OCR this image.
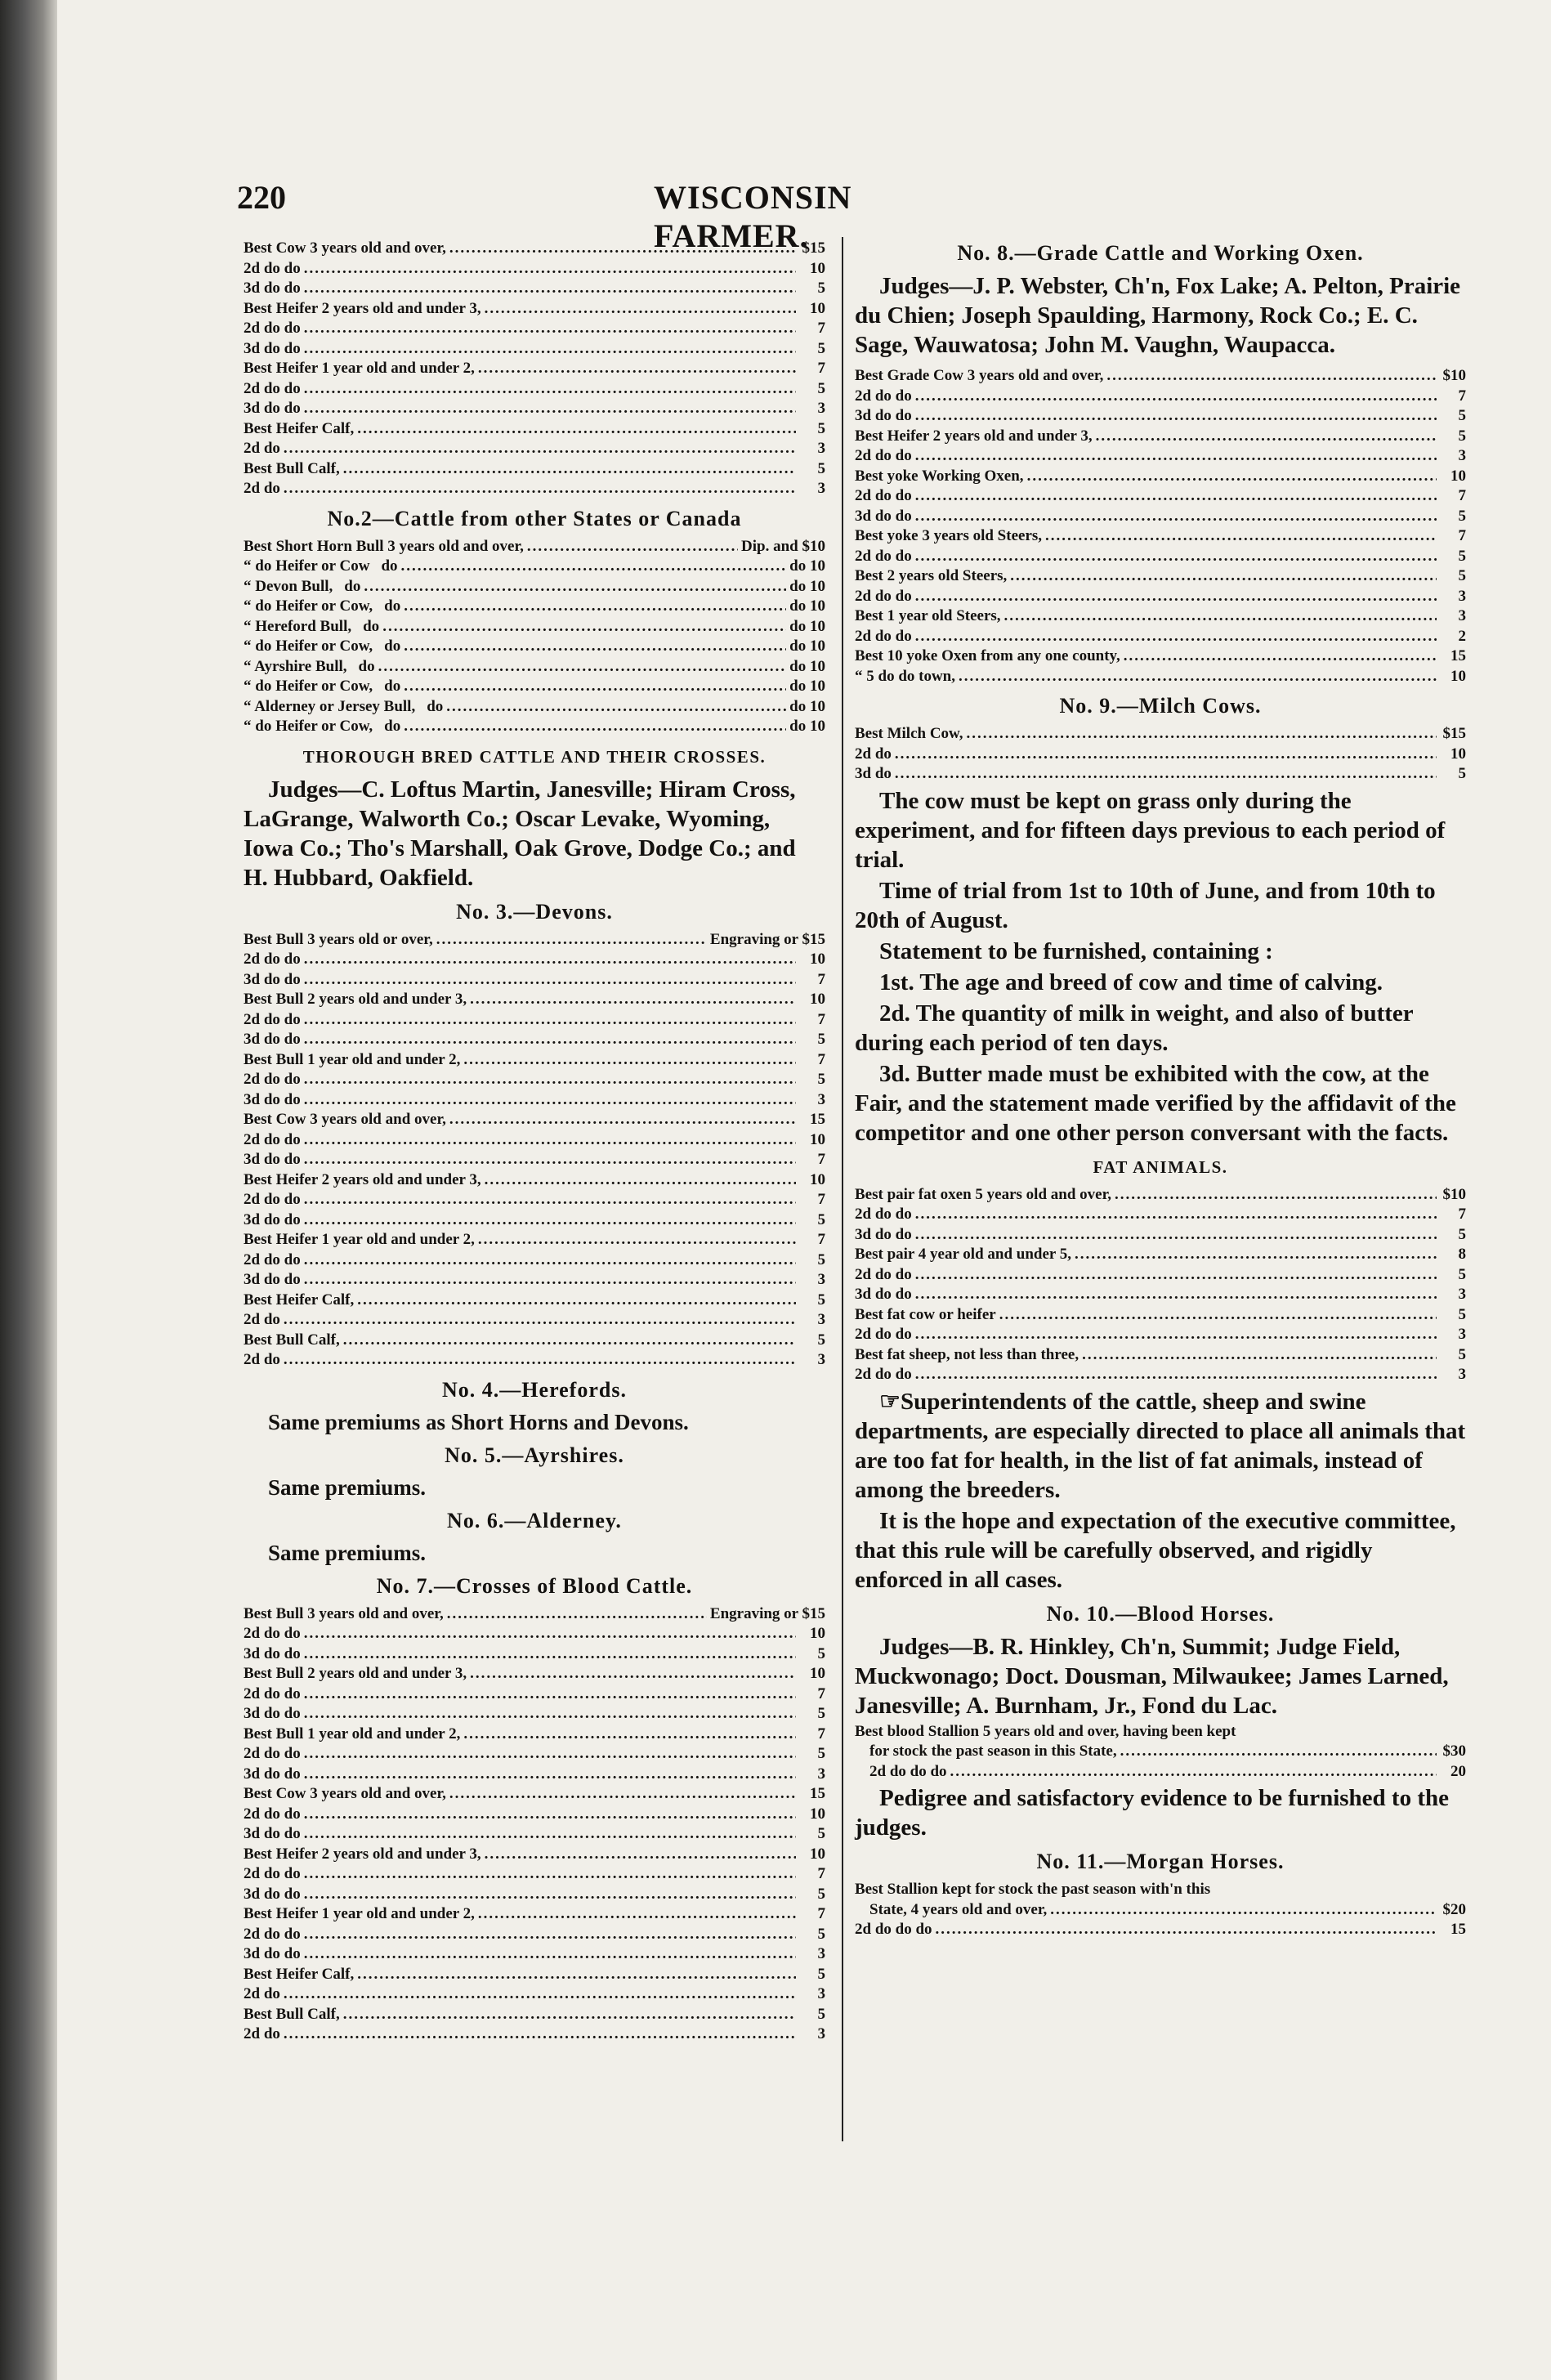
220	WISCONSIN FARMER.
Best Cow 3 years old and over, .....	$15
2d do do .....	10
3d do do .....	5
Best Heifer 2 years old and under 3, .....	10
2d do do .....	7
3d do do .....	5
Best Heifer 1 year old and under 2, .....	7
2d do do .....	5
3d do do .....	3
Best Heifer Calf, .....	5
2d do .....	3
Best Bull Calf, .....	5
2d do .....	3
No.2—Cattle from other States or Canada
Best Short Horn Bull 3 years old and over, .....	Dip. and $10
“ do Heifer or Cow do .....	do 10
“ Devon Bull, do .....	do 10
“ do Heifer or Cow, do .....	do 10
“ Hereford Bull, do .....	do 10
“ do Heifer or Cow, do .....	do 10
“ Ayrshire Bull, do .....	do 10
“ do Heifer or Cow, do .....	do 10
“ Alderney or Jersey Bull, do .....	do 10
“ do Heifer or Cow, do .....	do 10
THOROUGH BRED CATTLE AND THEIR CROSSES.
Judges—C. Loftus Martin, Janesville; Hiram Cross, LaGrange, Walworth Co.; Oscar Levake, Wyoming, Iowa Co.; Tho's Marshall, Oak Grove, Dodge Co.; and H. Hubbard, Oakfield.
No. 3.—Devons.
Best Bull 3 years old or over, .....	Engraving or $15
2d do do .....	10
3d do do .....	7
Best Bull 2 years old and under 3, .....	10
2d do do .....	7
3d do do .....	5
Best Bull 1 year old and under 2, .....	7
2d do do .....	5
3d do do .....	3
Best Cow 3 years old and over, .....	15
2d do do .....	10
3d do do .....	7
Best Heifer 2 years old and under 3, .....	10
2d do do .....	7
3d do do .....	5
Best Heifer 1 year old and under 2, .....	7
2d do do .....	5
3d do do .....	3
Best Heifer Calf, .....	5
2d do .....	3
Best Bull Calf, .....	5
2d do .....	3
No. 4.—Herefords.
Same premiums as Short Horns and Devons.
No. 5.—Ayrshires.
Same premiums.
No. 6.—Alderney.
Same premiums.
No. 7.—Crosses of Blood Cattle.
Best Bull 3 years old and over, .....	Engraving or $15
2d do do .....	10
3d do do .....	5
Best Bull 2 years old and under 3, .....	10
2d do do .....	7
3d do do .....	5
Best Bull 1 year old and under 2, .....	7
2d do do .....	5
3d do do .....	3
Best Cow 3 years old and over, .....	15
2d do do .....	10
3d do do .....	5
Best Heifer 2 years old and under 3, .....	10
2d do do .....	7
3d do do .....	5
Best Heifer 1 year old and under 2, .....	7
2d do do .....	5
3d do do .....	3
Best Heifer Calf, .....	5
2d do .....	3
Best Bull Calf, .....	5
2d do .....	3
No. 8.—Grade Cattle and Working Oxen.
Judges—J. P. Webster, Ch'n, Fox Lake; A. Pelton, Prairie du Chien; Joseph Spaulding, Harmony, Rock Co.; E. C. Sage, Wauwatosa; John M. Vaughn, Waupacca.
Best Grade Cow 3 years old and over, .....	$10
2d do do .....	7
3d do do .....	5
Best Heifer 2 years old and under 3, .....	5
2d do do .....	3
Best yoke Working Oxen, .....	10
2d do do .....	7
3d do do .....	5
Best yoke 3 years old Steers, .....	7
2d do do .....	5
Best 2 years old Steers, .....	5
2d do do .....	3
Best 1 year old Steers, .....	3
2d do do .....	2
Best 10 yoke Oxen from any one county, .....	15
“ 5 do do town, .....	10
No. 9.—Milch Cows.
Best Milch Cow, .....	$15
2d do .....	10
3d do .....	5
The cow must be kept on grass only during the experiment, and for fifteen days previous to each period of trial.
Time of trial from 1st to 10th of June, and from 10th to 20th of August.
Statement to be furnished, containing :
1st. The age and breed of cow and time of calving.
2d. The quantity of milk in weight, and also of butter during each period of ten days.
3d. Butter made must be exhibited with the cow, at the Fair, and the statement made verified by the affidavit of the competitor and one other person conversant with the facts.
FAT ANIMALS.
Best pair fat oxen 5 years old and over, .....	$10
2d do do .....	7
3d do do .....	5
Best pair 4 year old and under 5, .....	8
2d do do .....	5
3d do do .....	3
Best fat cow or heifer .....	5
2d do do .....	3
Best fat sheep, not less than three, .....	5
2d do do .....	3
☞Superintendents of the cattle, sheep and swine departments, are especially directed to place all animals that are too fat for health, in the list of fat animals, instead of among the breeders.
It is the hope and expectation of the executive committee, that this rule will be carefully observed, and rigidly enforced in all cases.
No. 10.—Blood Horses.
Judges—B. R. Hinkley, Ch'n, Summit; Judge Field, Muckwonago; Doct. Dousman, Milwaukee; James Larned, Janesville; A. Burnham, Jr., Fond du Lac.
Best blood Stallion 5 years old and over, having been kept
for stock the past season in this State, .....	$30
2d do do do .....	20
Pedigree and satisfactory evidence to be furnished to the judges.
No. 11.—Morgan Horses.
Best Stallion kept for stock the past season with'n this
State, 4 years old and over, .....	$20
2d do do do .....	15
